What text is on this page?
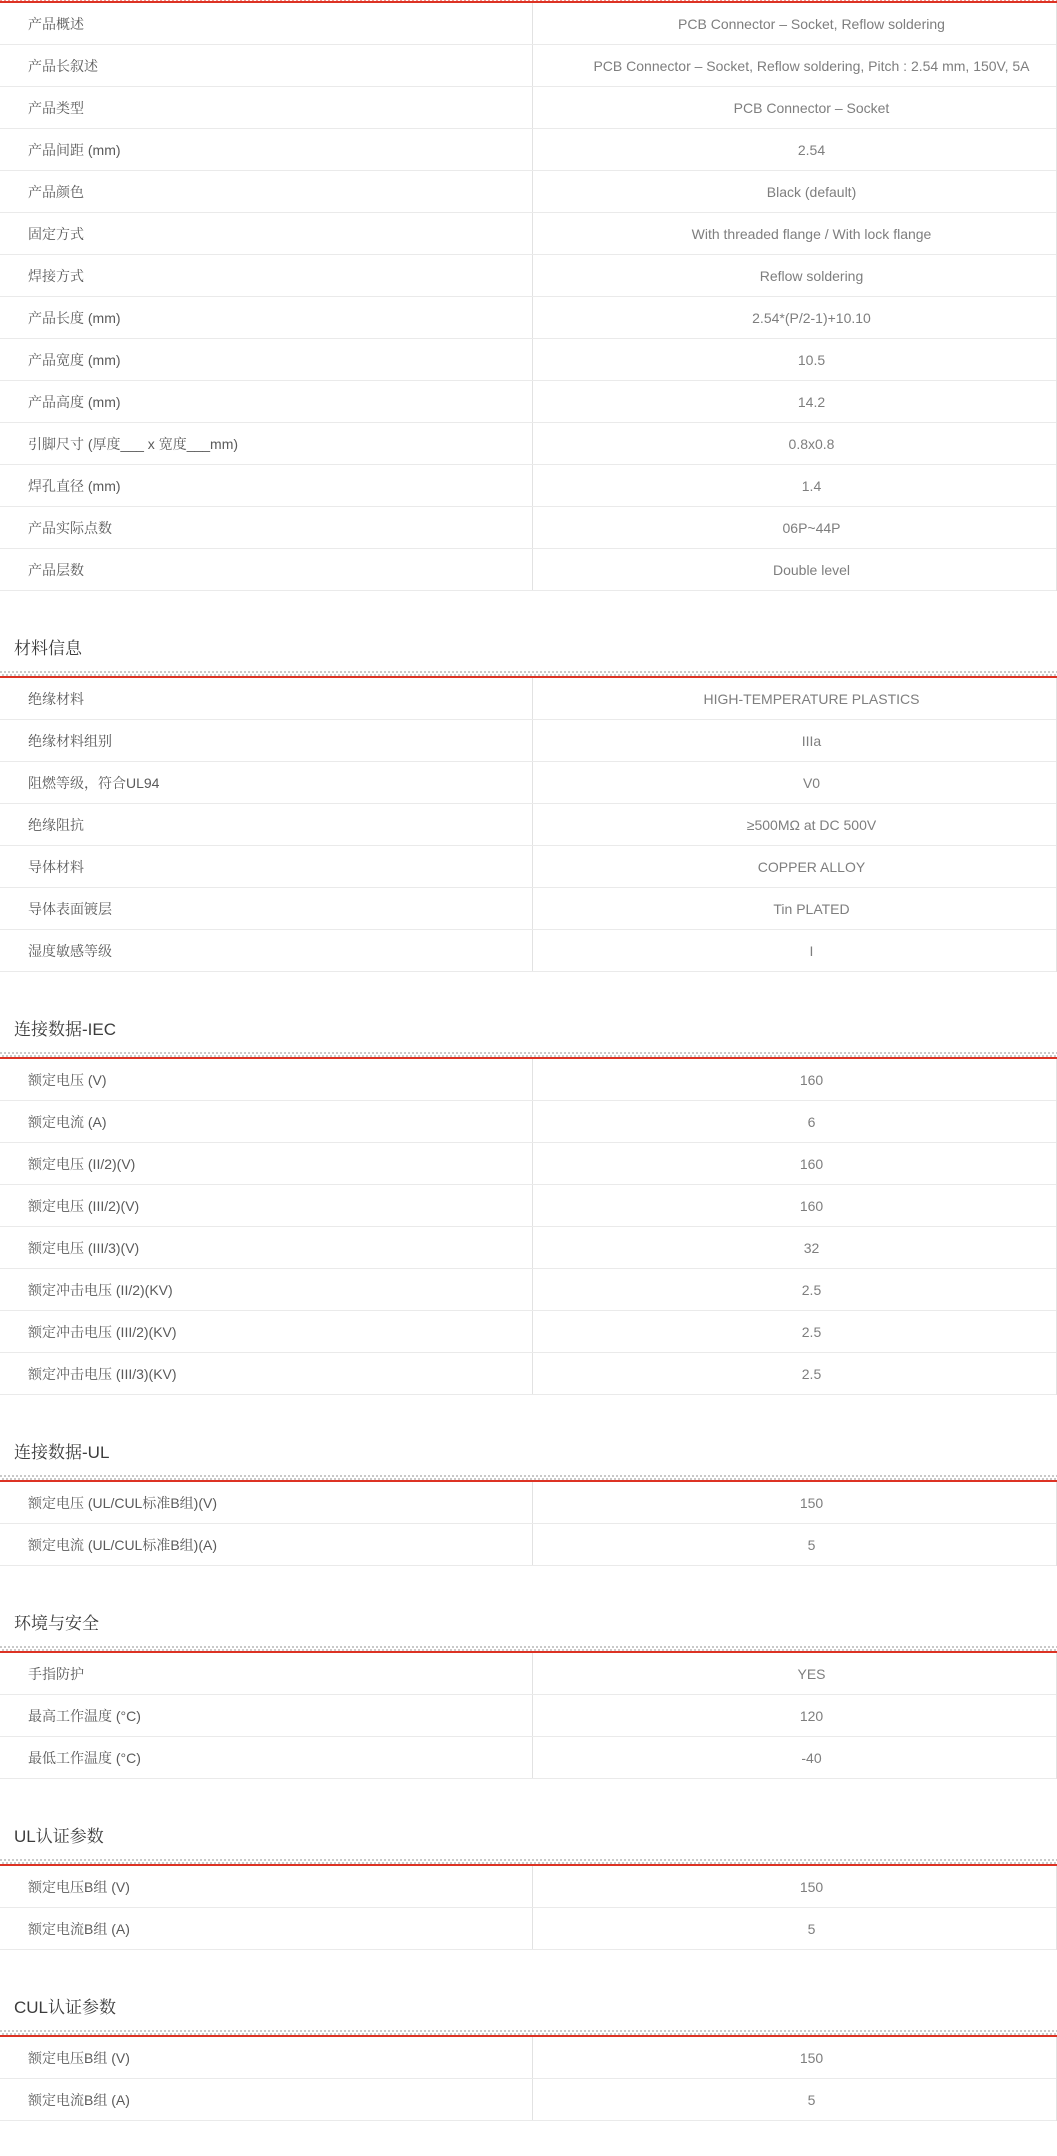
产品概述	PCB Connector – Socket, Reflow soldering
产品长叙述	PCB Connector – Socket, Reflow soldering, Pitch : 2.54 mm, 150V, 5A
产品类型	PCB Connector – Socket
产品间距 (mm)	2.54
产品颜色	Black (default)
固定方式	With threaded flange / With lock flange
焊接方式	Reflow soldering
产品长度 (mm)	2.54*(P/2-1)+10.10
产品宽度 (mm)	10.5
产品高度 (mm)	14.2
引脚尺寸 (厚度___ x 宽度___mm)	0.8x0.8
焊孔直径 (mm)	1.4
产品实际点数	06P~44P
产品层数	Double level
材料信息
绝缘材料	HIGH-TEMPERATURE PLASTICS
绝缘材料组别	IIIa
阻燃等级，符合UL94	V0
绝缘阻抗	≥500MΩ at DC 500V
导体材料	COPPER ALLOY
导体表面镀层	Tin PLATED
湿度敏感等级	I
连接数据-IEC
额定电压 (V)	160
额定电流 (A)	6
额定电压 (II/2)(V)	160
额定电压 (III/2)(V)	160
额定电压 (III/3)(V)	32
额定冲击电压 (II/2)(KV)	2.5
额定冲击电压 (III/2)(KV)	2.5
额定冲击电压 (III/3)(KV)	2.5
连接数据-UL
额定电压 (UL/CUL标准B组)(V)	150
额定电流 (UL/CUL标准B组)(A)	5
环境与安全
手指防护	YES
最高工作温度 (°C)	120
最低工作温度 (°C)	-40
UL认证参数
额定电压B组 (V)	150
额定电流B组 (A)	5
CUL认证参数
额定电压B组 (V)	150
额定电流B组 (A)	5
